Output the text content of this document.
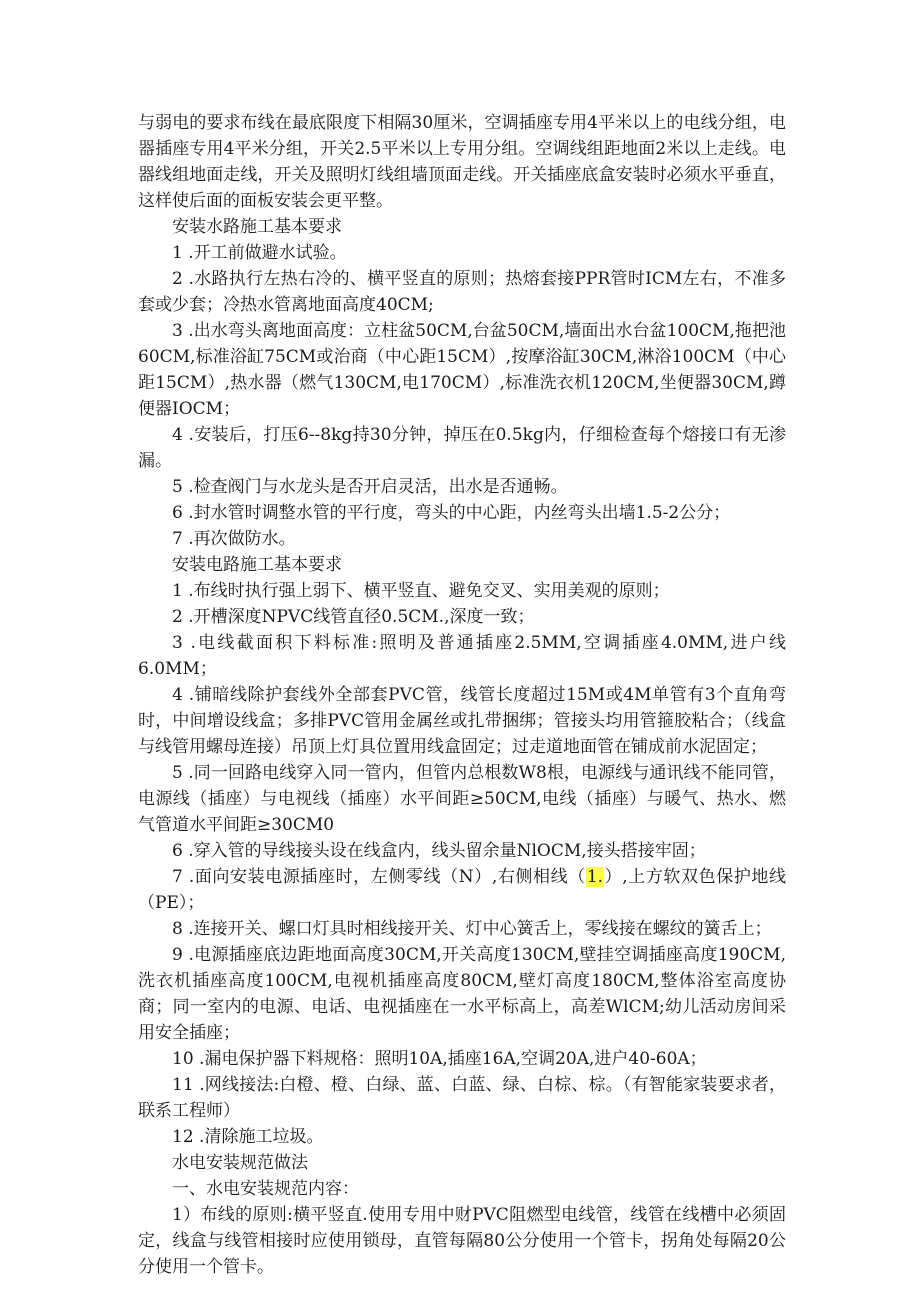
与弱电的要求布线在最底限度下相隔30厘米，空调插座专用4平米以上的电线分组，电器插座专用4平米分组，开关2.5平米以上专用分组。空调线组距地面2米以上走线。电器线组地面走线，开关及照明灯线组墙顶面走线。开关插座底盒安装时必须水平垂直，这样使后面的面板安装会更平整。

安装水路施工基本要求

1 .开工前做避水试验。

2 .水路执行左热右冷的、横平竖直的原则；热熔套接PPR管时ICM左右，不准多套或少套；冷热水管离地面高度40CM;

3 .出水弯头离地面高度：立柱盆50CM,台盆50CM,墙面出水台盆100CM,拖把池60CM,标准浴缸75CM或治商（中心距15CM）,按摩浴缸30CM,淋浴100CM（中心距15CM）,热水器（燃气130CM,电170CM）,标准洗衣机120CM,坐便器30CM,蹲便器IOCM；

4 .安装后，打压6--8kg持30分钟，掉压在0.5kg内，仔细检查每个熔接口有无渗漏。

5 .检查阀门与水龙头是否开启灵活，出水是否通畅。

6 .封水管时调整水管的平行度，弯头的中心距，内丝弯头出墙1.5-2公分；

7 .再次做防水。

安装电路施工基本要求

1 .布线时执行强上弱下、横平竖直、避免交叉、实用美观的原则；

2 .开槽深度NPVC线管直径0.5CM.,深度一致；

3 .电线截面积下料标准:照明及普通插座2.5MM,空调插座4.0MM,进户线6.0MM；

4 .铺暗线除护套线外全部套PVC管，线管长度超过15M或4M单管有3个直角弯时，中间增设线盒；多排PVC管用金属丝或扎带捆绑；管接头均用管箍胶粘合；（线盒与线管用螺母连接）吊顶上灯具位置用线盒固定；过走道地面管在铺成前水泥固定；

5 .同一回路电线穿入同一管内，但管内总根数W8根，电源线与通讯线不能同管，电源线（插座）与电视线（插座）水平间距≥50CM,电线（插座）与暖气、热水、燃气管道水平间距≥30CM0

6 .穿入管的导线接头设在线盒内，线头留余量NlOCM,接头搭接牢固；

7 .面向安装电源插座时，左侧零线（N）,右侧相线（1.）,上方软双色保护地线（PE）；

8 .连接开关、螺口灯具时相线接开关、灯中心簧舌上，零线接在螺纹的簧舌上；

9 .电源插座底边距地面高度30CM,开关高度130CM,壁挂空调插座高度190CM,洗衣机插座高度100CM,电视机插座高度80CM,壁灯高度180CM,整体浴室高度协商；同一室内的电源、电话、电视插座在一水平标高上，高差WlCM;幼儿活动房间采用安全插座；

10 .漏电保护器下料规格：照明10A,插座16A,空调20A,进户40-60A；

11 .网线接法:白橙、橙、白绿、蓝、白蓝、绿、白棕、棕。（有智能家装要求者，联系工程师）

12 .清除施工垃圾。

水电安装规范做法

一、水电安装规范内容：

1）布线的原则:横平竖直.使用专用中财PVC阻燃型电线管，线管在线槽中必须固定，线盒与线管相接时应使用锁母，直管每隔80公分使用一个管卡，拐角处每隔20公分使用一个管卡。
